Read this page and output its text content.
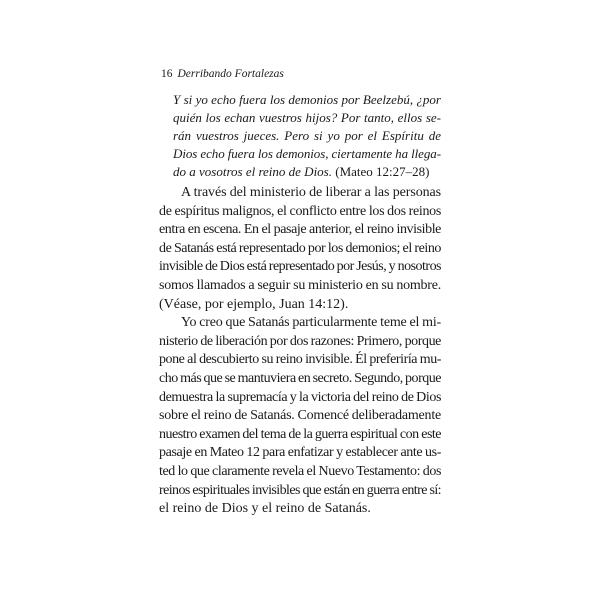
16 Derribando Fortalezas
Y si yo echo fuera los demonios por Beelzebú, ¿por
quién los echan vuestros hijos? Por tanto, ellos se-
rán vuestros jueces. Pero si yo por el Espíritu de
Dios echo fuera los demonios, ciertamente ha llega-
do a vosotros el reino de Dios. (Mateo 12:27–28)
A través del ministerio de liberar a las personas
de espíritus malignos, el conflicto entre los dos reinos
entra en escena. En el pasaje anterior, el reino invisible
de Satanás está representado por los demonios; el reino
invisible de Dios está representado por Jesús, y nosotros
somos llamados a seguir su ministerio en su nombre.
(Véase, por ejemplo, Juan 14:12).
Yo creo que Satanás particularmente teme el mi-
nisterio de liberación por dos razones: Primero, porque
pone al descubierto su reino invisible. Él preferiría mu-
cho más que se mantuviera en secreto. Segundo, porque
demuestra la supremacía y la victoria del reino de Dios
sobre el reino de Satanás. Comencé deliberadamente
nuestro examen del tema de la guerra espiritual con este
pasaje en Mateo 12 para enfatizar y establecer ante us-
ted lo que claramente revela el Nuevo Testamento: dos
reinos espirituales invisibles que están en guerra entre sí:
el reino de Dios y el reino de Satanás.
